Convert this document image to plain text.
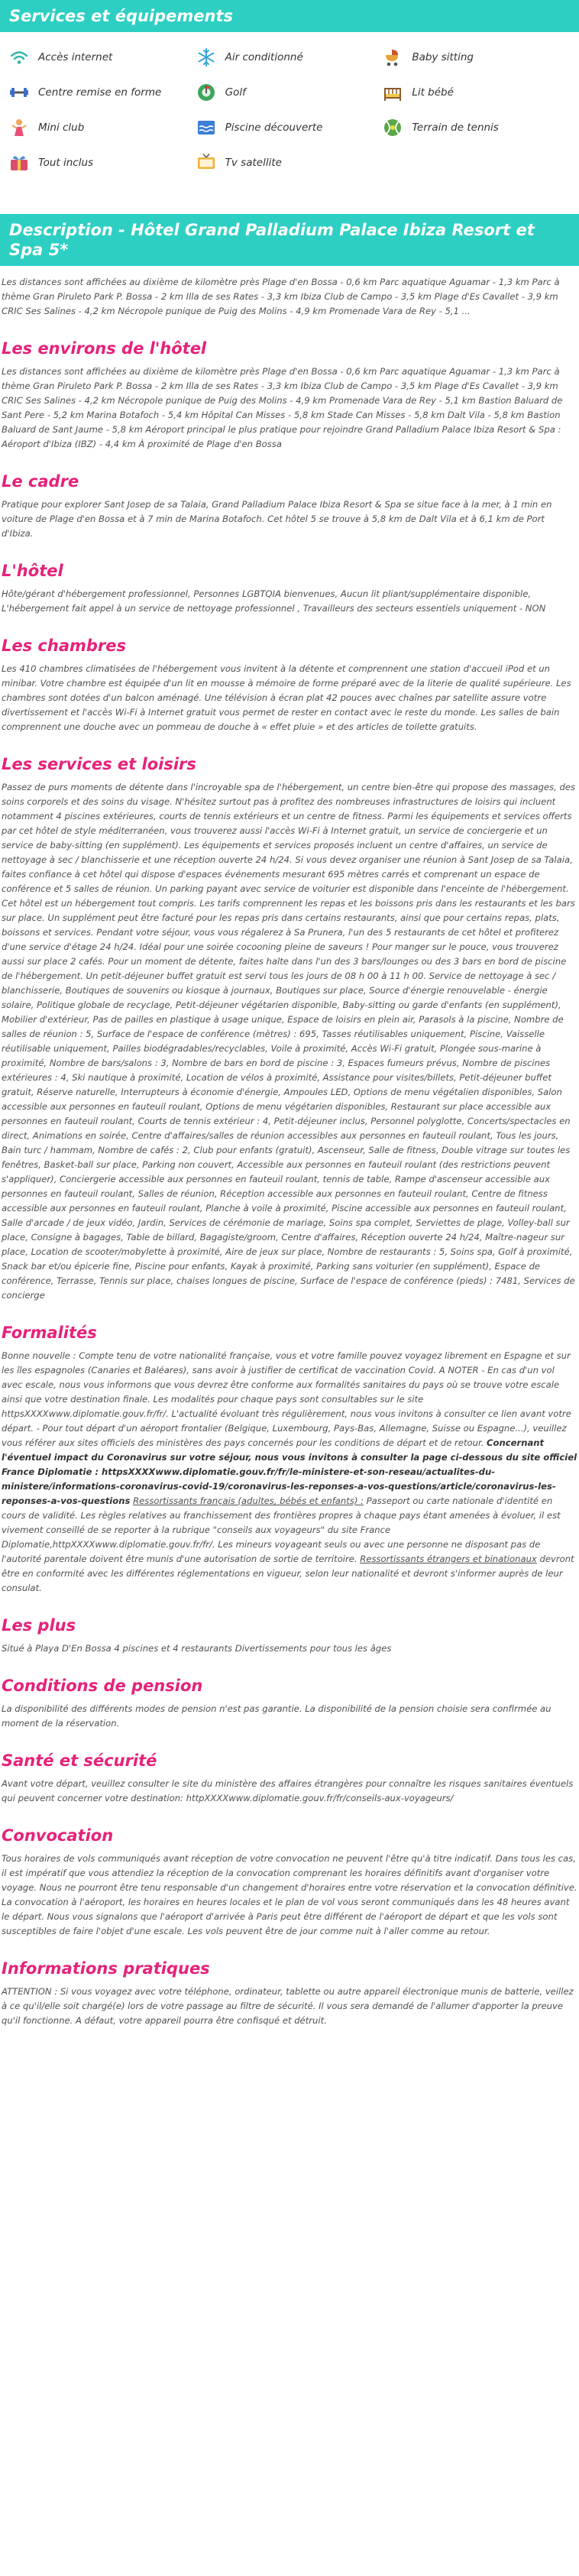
Services et équipements
Accès internet	Air conditionné	Baby sitting
Centre remise en forme	Golf	Lit bébé
Mini club	Piscine découverte	Terrain de tennis
Tout inclus	Tv satellite
Description - Hôtel Grand Palladium Palace Ibiza Resort et Spa 5*

Les distances sont affichées au dixième de kilomètre près Plage d'en Bossa - 0,6 km Parc aquatique Aguamar - 1,3 km Parc à thème Gran Piruleto Park P. Bossa - 2 km Illa de ses Rates - 3,3 km Ibiza Club de Campo - 3,5 km Plage d'Es Cavallet - 3,9 km CRIC Ses Salines - 4,2 km Nécropole punique de Puig des Molins - 4,9 km Promenade Vara de Rey - 5,1 ...

Les environs de l'hôtel

Les distances sont affichées au dixième de kilomètre près Plage d'en Bossa - 0,6 km Parc aquatique Aguamar - 1,3 km Parc à thème Gran Piruleto Park P. Bossa - 2 km Illa de ses Rates - 3,3 km Ibiza Club de Campo - 3,5 km Plage d'Es Cavallet - 3,9 km CRIC Ses Salines - 4,2 km Nécropole punique de Puig des Molins - 4,9 km Promenade Vara de Rey - 5,1 km Bastion Baluard de Sant Pere - 5,2 km Marina Botafoch - 5,4 km Hôpital Can Misses - 5,8 km Stade Can Misses - 5,8 km Dalt Vila - 5,8 km Bastion Baluard de Sant Jaume - 5,8 km Aéroport principal le plus pratique pour rejoindre Grand Palladium Palace Ibiza Resort & Spa : Aéroport d'Ibiza (IBZ) - 4,4 km À proximité de Plage d'en Bossa

Le cadre

Pratique pour explorer Sant Josep de sa Talaia, Grand Palladium Palace Ibiza Resort & Spa se situe face à la mer, à 1 min en voiture de Plage d'en Bossa et à 7 min de Marina Botafoch. Cet hôtel 5 se trouve à 5,8 km de Dalt Vila et à 6,1 km de Port d'Ibiza.

L'hôtel

Hôte/gérant d'hébergement professionnel, Personnes LGBTQIA bienvenues, Aucun lit pliant/supplémentaire disponible, L'hébergement fait appel à un service de nettoyage professionnel , Travailleurs des secteurs essentiels uniquement - NON

Les chambres

Les 410 chambres climatisées de l'hébergement vous invitent à la détente et comprennent une station d'accueil iPod et un minibar. Votre chambre est équipée d'un lit en mousse à mémoire de forme préparé avec de la literie de qualité supérieure. Les chambres sont dotées d'un balcon aménagé. Une télévision à écran plat 42 pouces avec chaînes par satellite assure votre divertissement et l'accès Wi-Fi à Internet gratuit vous permet de rester en contact avec le reste du monde. Les salles de bain comprennent une douche avec un pommeau de douche à « effet pluie » et des articles de toilette gratuits.

Les services et loisirs

Passez de purs moments de détente dans l'incroyable spa de l'hébergement, un centre bien-être qui propose des massages, des soins corporels et des soins du visage. N'hésitez surtout pas à profitez des nombreuses infrastructures de loisirs qui incluent notamment 4 piscines extérieures, courts de tennis extérieurs et un centre de fitness. Parmi les équipements et services offerts par cet hôtel de style méditerranéen, vous trouverez aussi l'accès Wi-Fi à Internet gratuit, un service de conciergerie et un service de baby-sitting (en supplément). Les équipements et services proposés incluent un centre d'affaires, un service de nettoyage à sec / blanchisserie et une réception ouverte 24 h/24. Si vous devez organiser une réunion à Sant Josep de sa Talaia, faites confiance à cet hôtel qui dispose d'espaces événements mesurant 695 mètres carrés et comprenant un espace de conférence et 5 salles de réunion. Un parking payant avec service de voiturier est disponible dans l'enceinte de l'hébergement. Cet hôtel est un hébergement tout compris. Les tarifs comprennent les repas et les boissons pris dans les restaurants et les bars sur place. Un supplément peut être facturé pour les repas pris dans certains restaurants, ainsi que pour certains repas, plats, boissons et services. Pendant votre séjour, vous vous régalerez à Sa Prunera, l'un des 5 restaurants de cet hôtel et profiterez d'une service d'étage 24 h/24. Idéal pour une soirée cocooning pleine de saveurs ! Pour manger sur le pouce, vous trouverez aussi sur place 2 cafés. Pour un moment de détente, faites halte dans l'un des 3 bars/lounges ou des 3 bars en bord de piscine de l'hébergement. Un petit-déjeuner buffet gratuit est servi tous les jours de 08 h 00 à 11 h 00. Service de nettoyage à sec / blanchisserie, Boutiques de souvenirs ou kiosque à journaux, Boutiques sur place, Source d'énergie renouvelable - énergie solaire, Politique globale de recyclage, Petit-déjeuner végétarien disponible, Baby-sitting ou garde d'enfants (en supplément), Mobilier d'extérieur, Pas de pailles en plastique à usage unique, Espace de loisirs en plein air, Parasols à la piscine, Nombre de salles de réunion : 5, Surface de l'espace de conférence (mètres) : 695, Tasses réutilisables uniquement, Piscine, Vaisselle réutilisable uniquement, Pailles biodégradables/recyclables, Voile à proximité, Accès Wi-Fi gratuit, Plongée sous-marine à proximité, Nombre de bars/salons : 3, Nombre de bars en bord de piscine : 3, Espaces fumeurs prévus, Nombre de piscines extérieures : 4, Ski nautique à proximité, Location de vélos à proximité, Assistance pour visites/billets, Petit-déjeuner buffet gratuit, Réserve naturelle, Interrupteurs à économie d'énergie, Ampoules LED, Options de menu végétalien disponibles, Salon accessible aux personnes en fauteuil roulant, Options de menu végétarien disponibles, Restaurant sur place accessible aux personnes en fauteuil roulant, Courts de tennis extérieur : 4, Petit-déjeuner inclus, Personnel polyglotte, Concerts/spectacles en direct, Animations en soirée, Centre d'affaires/salles de réunion accessibles aux personnes en fauteuil roulant, Tous les jours, Bain turc / hammam, Nombre de cafés : 2, Club pour enfants (gratuit), Ascenseur, Salle de fitness, Double vitrage sur toutes les fenêtres, Basket-ball sur place, Parking non couvert, Accessible aux personnes en fauteuil roulant (des restrictions peuvent s'appliquer), Conciergerie accessible aux personnes en fauteuil roulant, tennis de table, Rampe d'ascenseur accessible aux personnes en fauteuil roulant, Salles de réunion, Réception accessible aux personnes en fauteuil roulant, Centre de fitness accessible aux personnes en fauteuil roulant, Planche à voile à proximité, Piscine accessible aux personnes en fauteuil roulant, Salle d'arcade / de jeux vidéo, Jardin, Services de cérémonie de mariage, Soins spa complet, Serviettes de plage, Volley-ball sur place, Consigne à bagages, Table de billard, Bagagiste/groom, Centre d'affaires, Réception ouverte 24 h/24, Maître-nageur sur place, Location de scooter/mobylette à proximité, Aire de jeux sur place, Nombre de restaurants : 5, Soins spa, Golf à proximité, Snack bar et/ou épicerie fine, Piscine pour enfants, Kayak à proximité, Parking sans voiturier (en supplément), Espace de conférence, Terrasse, Tennis sur place, chaises longues de piscine, Surface de l'espace de conférence (pieds) : 7481, Services de concierge

Formalités

Bonne nouvelle : Compte tenu de votre nationalité française, vous et votre famille pouvez voyagez librement en Espagne et sur les îles espagnoles (Canaries et Baléares), sans avoir à justifier de certificat de vaccination Covid. A NOTER - En cas d'un vol avec escale, nous vous informons que vous devrez être conforme aux formalités sanitaires du pays où se trouve votre escale ainsi que votre destination finale. Les modalités pour chaque pays sont consultables sur le site httpsXXXXwww.diplomatie.gouv.fr/fr/. L'actualité évoluant très régulièrement, nous vous invitons à consulter ce lien avant votre départ. - Pour tout départ d'un aéroport frontalier (Belgique, Luxembourg, Pays-Bas, Allemagne, Suisse ou Espagne...), veuillez vous référer aux sites officiels des ministères des pays concernés pour les conditions de départ et de retour. Concernant l'éventuel impact du Coronavirus sur votre séjour, nous vous invitons à consulter la page ci-dessous du site officiel France Diplomatie : httpsXXXXwww.diplomatie.gouv.fr/fr/le-ministere-et-son-reseau/actualites-du-ministere/informations-coronavirus-covid-19/coronavirus-les-reponses-a-vos-questions/article/coronavirus-les-reponses-a-vos-questions Ressortissants français (adultes, bébés et enfants) : Passeport ou carte nationale d'identité en cours de validité. Les règles relatives au franchissement des frontières propres à chaque pays étant amenées à évoluer, il est vivement conseillé de se reporter à la rubrique "conseils aux voyageurs" du site France Diplomatie,httpXXXXwww.diplomatie.gouv.fr/fr/. Les mineurs voyageant seuls ou avec une personne ne disposant pas de l'autorité parentale doivent être munis d'une autorisation de sortie de territoire. Ressortissants étrangers et binationaux devront être en conformité avec les différentes réglementations en vigueur, selon leur nationalité et devront s'informer auprès de leur consulat.

Les plus

Situé à Playa D'En Bossa 4 piscines et 4 restaurants Divertissements pour tous les âges

Conditions de pension

La disponibilité des différents modes de pension n'est pas garantie. La disponibilité de la pension choisie sera confirmée au moment de la réservation.

Santé et sécurité

Avant votre départ, veuillez consulter le site du ministère des affaires étrangères pour connaître les risques sanitaires éventuels qui peuvent concerner votre destination: httpXXXXwww.diplomatie.gouv.fr/fr/conseils-aux-voyageurs/

Convocation

Tous horaires de vols communiqués avant réception de votre convocation ne peuvent l'être qu'à titre indicatif. Dans tous les cas, il est impératif que vous attendiez la réception de la convocation comprenant les horaires définitifs avant d'organiser votre voyage. Nous ne pourront être tenu responsable d'un changement d'horaires entre votre réservation et la convocation définitive. La convocation à l'aéroport, les horaires en heures locales et le plan de vol vous seront communiqués dans les 48 heures avant le départ. Nous vous signalons que l'aéroport d'arrivée à Paris peut être différent de l'aéroport de départ et que les vols sont susceptibles de faire l'objet d'une escale. Les vols peuvent être de jour comme nuit à l'aller comme au retour.

Informations pratiques

ATTENTION : Si vous voyagez avec votre téléphone, ordinateur, tablette ou autre appareil électronique munis de batterie, veillez à ce qu'il/elle soit chargé(e) lors de votre passage au filtre de sécurité. Il vous sera demandé de l'allumer d'apporter la preuve qu'il fonctionne. A défaut, votre appareil pourra être confisqué et détruit.
